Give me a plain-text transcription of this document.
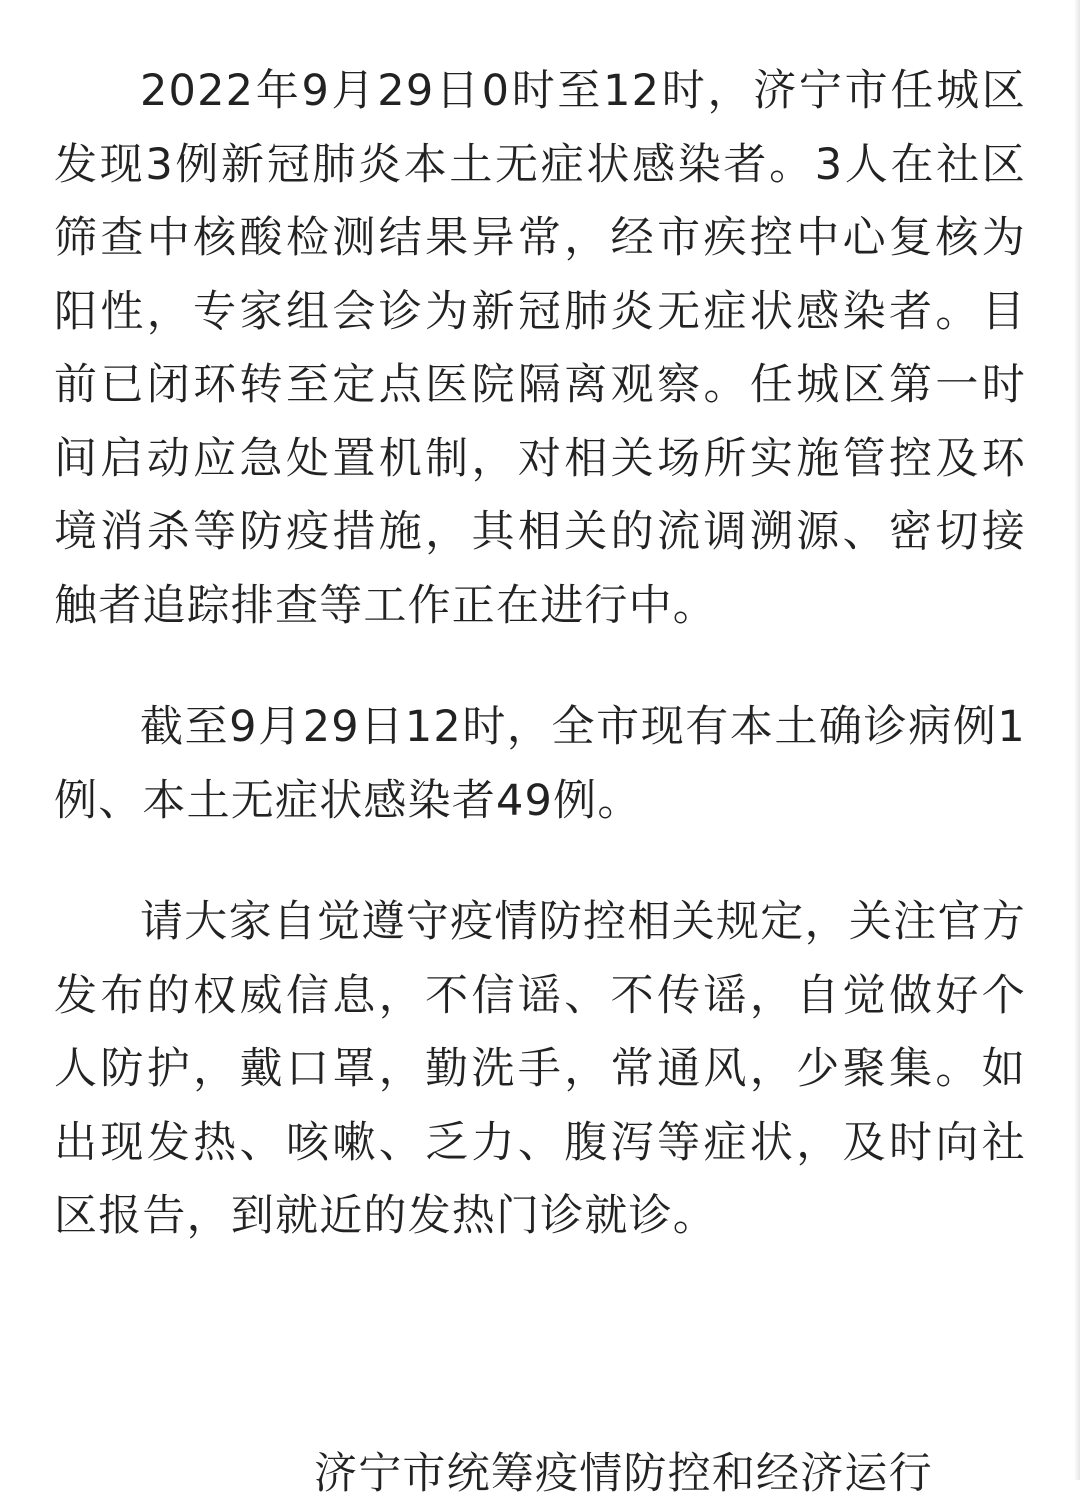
2022年9月29日0时至12时，济宁市任城区发现3例新冠肺炎本土无症状感染者。3人在社区筛查中核酸检测结果异常，经市疾控中心复核为阳性，专家组会诊为新冠肺炎无症状感染者。目前已闭环转至定点医院隔离观察。任城区第一时间启动应急处置机制，对相关场所实施管控及环境消杀等防疫措施，其相关的流调溯源、密切接触者追踪排查等工作正在进行中。

截至9月29日12时，全市现有本土确诊病例1例、本土无症状感染者49例。

请大家自觉遵守疫情防控相关规定，关注官方发布的权威信息，不信谣、不传谣，自觉做好个人防护，戴口罩，勤洗手，常通风，少聚集。如出现发热、咳嗽、乏力、腹泻等症状，及时向社区报告，到就近的发热门诊就诊。

济宁市统筹疫情防控和经济运行
